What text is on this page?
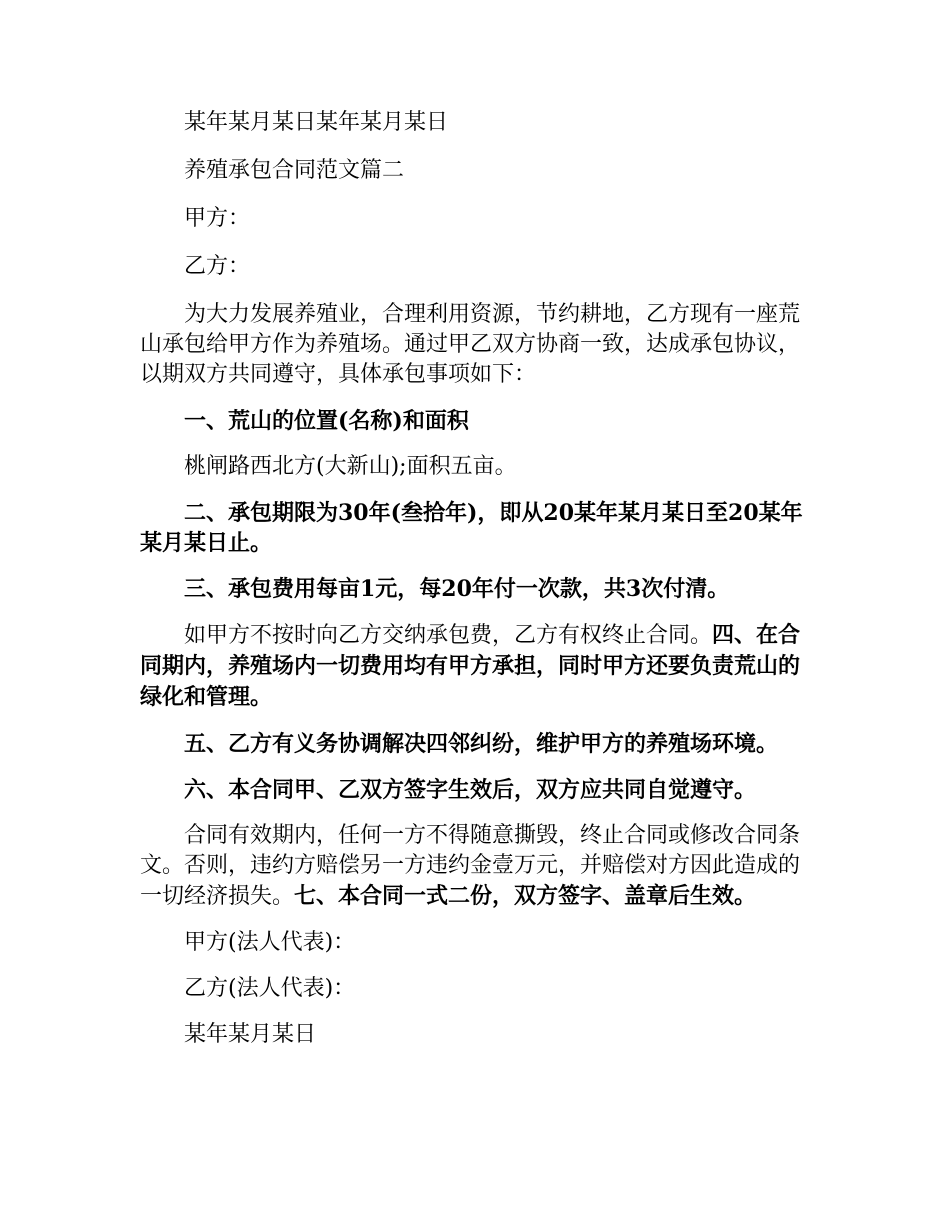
某年某月某日某年某月某日

养殖承包合同范文篇二

甲方：

乙方：

为大力发展养殖业，合理利用资源，节约耕地，乙方现有一座荒山承包给甲方作为养殖场。通过甲乙双方协商一致，达成承包协议，以期双方共同遵守，具体承包事项如下：

一、荒山的位置(名称)和面积

桃闸路西北方(大新山);面积五亩。

二、承包期限为30年(叁拾年)，即从20某年某月某日至20某年某月某日止。

三、承包费用每亩1元，每20年付一次款，共3次付清。

如甲方不按时向乙方交纳承包费，乙方有权终止合同。四、在合同期内，养殖场内一切费用均有甲方承担，同时甲方还要负责荒山的绿化和管理。

五、乙方有义务协调解决四邻纠纷，维护甲方的养殖场环境。

六、本合同甲、乙双方签字生效后，双方应共同自觉遵守。

合同有效期内，任何一方不得随意撕毁，终止合同或修改合同条文。否则，违约方赔偿另一方违约金壹万元，并赔偿对方因此造成的一切经济损失。七、本合同一式二份，双方签字、盖章后生效。

甲方(法人代表)：

乙方(法人代表)：

某年某月某日
